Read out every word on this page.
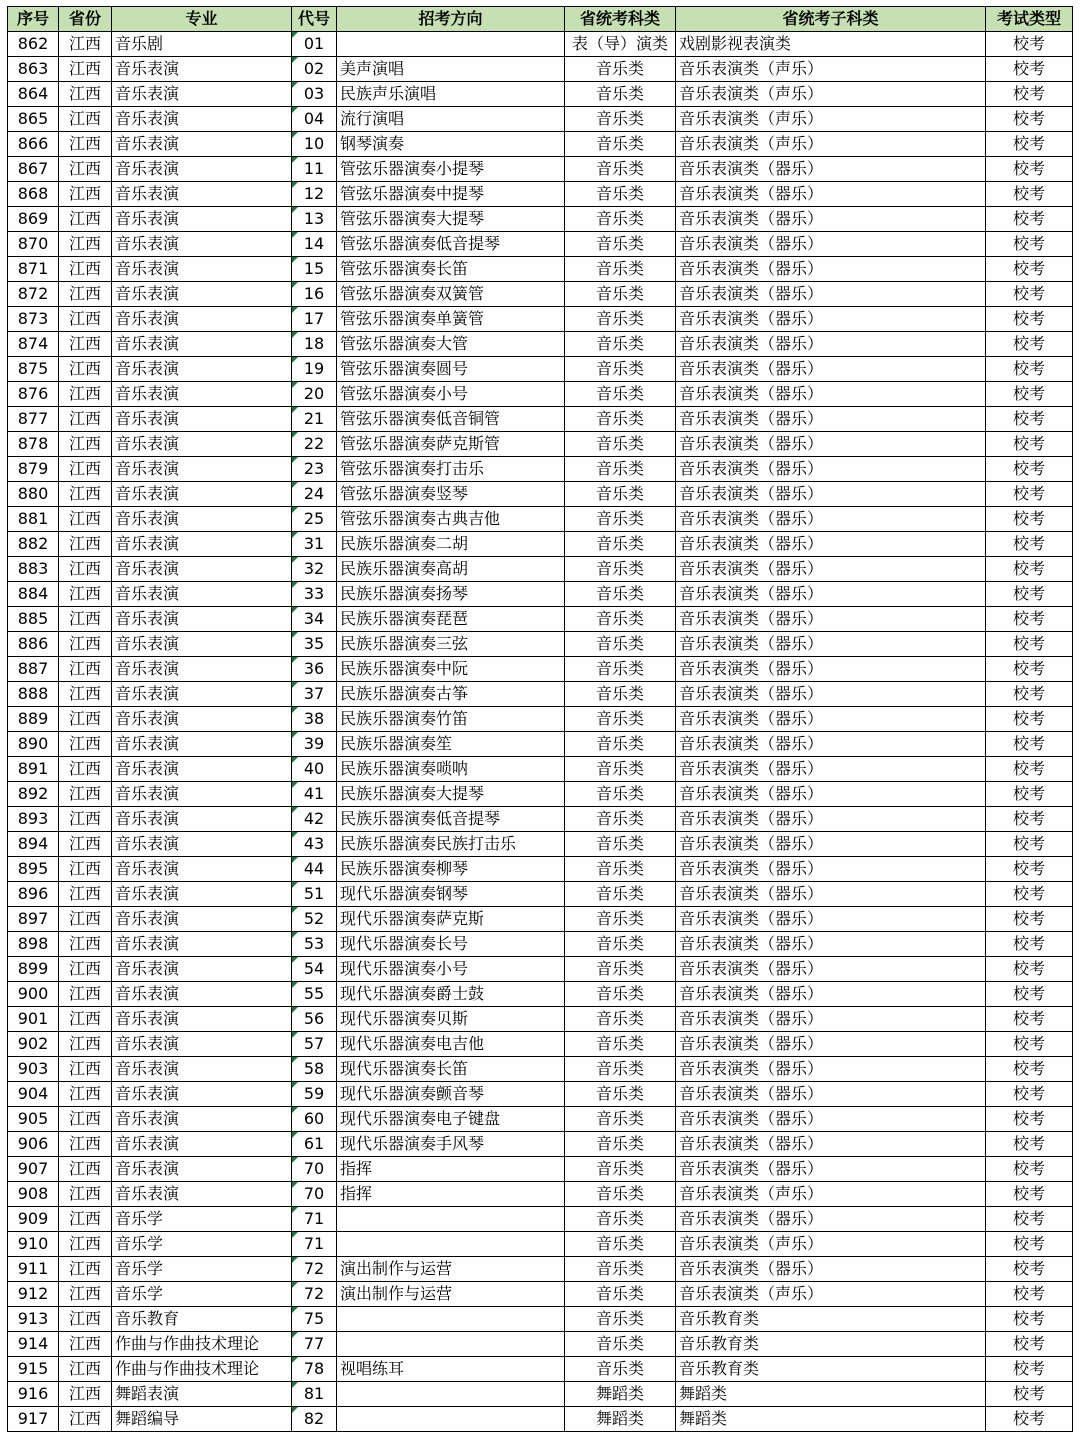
序号	省份	专业	代号	招考方向	省统考科类	省统考子科类	考试类型
862	江西	音乐剧	01		表（导）演类	戏剧影视表演类	校考
863	江西	音乐表演	02	美声演唱	音乐类	音乐表演类（声乐）	校考
864	江西	音乐表演	03	民族声乐演唱	音乐类	音乐表演类（声乐）	校考
865	江西	音乐表演	04	流行演唱	音乐类	音乐表演类（声乐）	校考
866	江西	音乐表演	10	钢琴演奏	音乐类	音乐表演类（声乐）	校考
867	江西	音乐表演	11	管弦乐器演奏小提琴	音乐类	音乐表演类（器乐）	校考
868	江西	音乐表演	12	管弦乐器演奏中提琴	音乐类	音乐表演类（器乐）	校考
869	江西	音乐表演	13	管弦乐器演奏大提琴	音乐类	音乐表演类（器乐）	校考
870	江西	音乐表演	14	管弦乐器演奏低音提琴	音乐类	音乐表演类（器乐）	校考
871	江西	音乐表演	15	管弦乐器演奏长笛	音乐类	音乐表演类（器乐）	校考
872	江西	音乐表演	16	管弦乐器演奏双簧管	音乐类	音乐表演类（器乐）	校考
873	江西	音乐表演	17	管弦乐器演奏单簧管	音乐类	音乐表演类（器乐）	校考
874	江西	音乐表演	18	管弦乐器演奏大管	音乐类	音乐表演类（器乐）	校考
875	江西	音乐表演	19	管弦乐器演奏圆号	音乐类	音乐表演类（器乐）	校考
876	江西	音乐表演	20	管弦乐器演奏小号	音乐类	音乐表演类（器乐）	校考
877	江西	音乐表演	21	管弦乐器演奏低音铜管	音乐类	音乐表演类（器乐）	校考
878	江西	音乐表演	22	管弦乐器演奏萨克斯管	音乐类	音乐表演类（器乐）	校考
879	江西	音乐表演	23	管弦乐器演奏打击乐	音乐类	音乐表演类（器乐）	校考
880	江西	音乐表演	24	管弦乐器演奏竖琴	音乐类	音乐表演类（器乐）	校考
881	江西	音乐表演	25	管弦乐器演奏古典吉他	音乐类	音乐表演类（器乐）	校考
882	江西	音乐表演	31	民族乐器演奏二胡	音乐类	音乐表演类（器乐）	校考
883	江西	音乐表演	32	民族乐器演奏高胡	音乐类	音乐表演类（器乐）	校考
884	江西	音乐表演	33	民族乐器演奏扬琴	音乐类	音乐表演类（器乐）	校考
885	江西	音乐表演	34	民族乐器演奏琵琶	音乐类	音乐表演类（器乐）	校考
886	江西	音乐表演	35	民族乐器演奏三弦	音乐类	音乐表演类（器乐）	校考
887	江西	音乐表演	36	民族乐器演奏中阮	音乐类	音乐表演类（器乐）	校考
888	江西	音乐表演	37	民族乐器演奏古筝	音乐类	音乐表演类（器乐）	校考
889	江西	音乐表演	38	民族乐器演奏竹笛	音乐类	音乐表演类（器乐）	校考
890	江西	音乐表演	39	民族乐器演奏笙	音乐类	音乐表演类（器乐）	校考
891	江西	音乐表演	40	民族乐器演奏唢呐	音乐类	音乐表演类（器乐）	校考
892	江西	音乐表演	41	民族乐器演奏大提琴	音乐类	音乐表演类（器乐）	校考
893	江西	音乐表演	42	民族乐器演奏低音提琴	音乐类	音乐表演类（器乐）	校考
894	江西	音乐表演	43	民族乐器演奏民族打击乐	音乐类	音乐表演类（器乐）	校考
895	江西	音乐表演	44	民族乐器演奏柳琴	音乐类	音乐表演类（器乐）	校考
896	江西	音乐表演	51	现代乐器演奏钢琴	音乐类	音乐表演类（器乐）	校考
897	江西	音乐表演	52	现代乐器演奏萨克斯	音乐类	音乐表演类（器乐）	校考
898	江西	音乐表演	53	现代乐器演奏长号	音乐类	音乐表演类（器乐）	校考
899	江西	音乐表演	54	现代乐器演奏小号	音乐类	音乐表演类（器乐）	校考
900	江西	音乐表演	55	现代乐器演奏爵士鼓	音乐类	音乐表演类（器乐）	校考
901	江西	音乐表演	56	现代乐器演奏贝斯	音乐类	音乐表演类（器乐）	校考
902	江西	音乐表演	57	现代乐器演奏电吉他	音乐类	音乐表演类（器乐）	校考
903	江西	音乐表演	58	现代乐器演奏长笛	音乐类	音乐表演类（器乐）	校考
904	江西	音乐表演	59	现代乐器演奏颤音琴	音乐类	音乐表演类（器乐）	校考
905	江西	音乐表演	60	现代乐器演奏电子键盘	音乐类	音乐表演类（器乐）	校考
906	江西	音乐表演	61	现代乐器演奏手风琴	音乐类	音乐表演类（器乐）	校考
907	江西	音乐表演	70	指挥	音乐类	音乐表演类（器乐）	校考
908	江西	音乐表演	70	指挥	音乐类	音乐表演类（声乐）	校考
909	江西	音乐学	71		音乐类	音乐表演类（器乐）	校考
910	江西	音乐学	71		音乐类	音乐表演类（声乐）	校考
911	江西	音乐学	72	演出制作与运营	音乐类	音乐表演类（器乐）	校考
912	江西	音乐学	72	演出制作与运营	音乐类	音乐表演类（声乐）	校考
913	江西	音乐教育	75		音乐类	音乐教育类	校考
914	江西	作曲与作曲技术理论	77		音乐类	音乐教育类	校考
915	江西	作曲与作曲技术理论	78	视唱练耳	音乐类	音乐教育类	校考
916	江西	舞蹈表演	81		舞蹈类	舞蹈类	校考
917	江西	舞蹈编导	82		舞蹈类	舞蹈类	校考
